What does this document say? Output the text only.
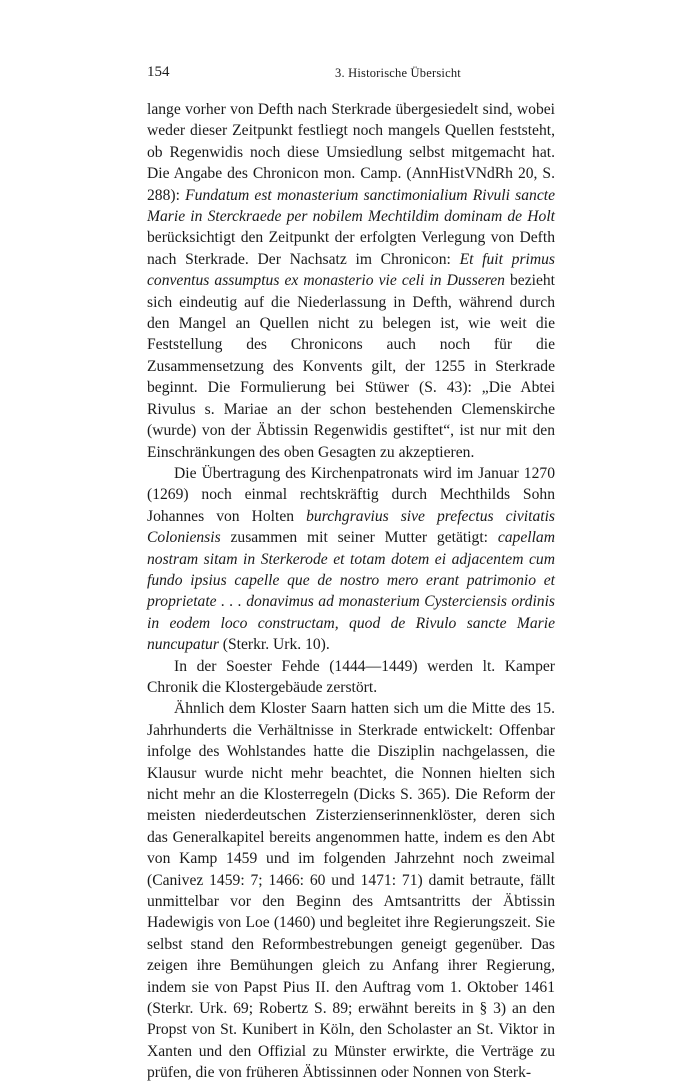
154	3. Historische Übersicht

lange vorher von Defth nach Sterkrade übergesiedelt sind, wobei weder dieser Zeitpunkt festliegt noch mangels Quellen feststeht, ob Regenwidis noch diese Umsiedlung selbst mitgemacht hat. Die Angabe des Chronicon mon. Camp. (AnnHistVNdRh 20, S. 288): Fundatum est monasterium sanctimonialium Rivuli sancte Marie in Sterckraede per nobilem Mechtildim dominam de Holt berücksichtigt den Zeitpunkt der erfolgten Verlegung von Defth nach Sterkrade. Der Nachsatz im Chronicon: Et fuit primus conventus assumptus ex monasterio vie celi in Dusseren bezieht sich eindeutig auf die Niederlassung in Defth, während durch den Mangel an Quellen nicht zu belegen ist, wie weit die Feststellung des Chronicons auch noch für die Zusammensetzung des Konvents gilt, der 1255 in Sterkrade beginnt. Die Formulierung bei Stüwer (S. 43): „Die Abtei Rivulus s. Mariae an der schon bestehenden Clemenskirche (wurde) von der Äbtissin Regenwidis gestiftet“, ist nur mit den Einschränkungen des oben Gesagten zu akzeptieren.

Die Übertragung des Kirchenpatronats wird im Januar 1270 (1269) noch einmal rechtskräftig durch Mechthilds Sohn Johannes von Holten burchgravius sive prefectus civitatis Coloniensis zusammen mit seiner Mutter getätigt: capellam nostram sitam in Sterkerode et totam dotem ei adjacentem cum fundo ipsius capelle que de nostro mero erant patrimonio et proprietate . . . donavimus ad monasterium Cysterciensis ordinis in eodem loco constructam, quod de Rivulo sancte Marie nuncupatur (Sterkr. Urk. 10).

In der Soester Fehde (1444—1449) werden lt. Kamper Chronik die Klostergebäude zerstört.

Ähnlich dem Kloster Saarn hatten sich um die Mitte des 15. Jahrhunderts die Verhältnisse in Sterkrade entwickelt: Offenbar infolge des Wohlstandes hatte die Disziplin nachgelassen, die Klausur wurde nicht mehr beachtet, die Nonnen hielten sich nicht mehr an die Klosterregeln (Dicks S. 365). Die Reform der meisten niederdeutschen Zisterzienserinnenklöster, deren sich das Generalkapitel bereits angenommen hatte, indem es den Abt von Kamp 1459 und im folgenden Jahrzehnt noch zweimal (Canivez 1459: 7; 1466: 60 und 1471: 71) damit betraute, fällt unmittelbar vor den Beginn des Amtsantritts der Äbtissin Hadewigis von Loe (1460) und begleitet ihre Regierungszeit. Sie selbst stand den Reformbestrebungen geneigt gegenüber. Das zeigen ihre Bemühungen gleich zu Anfang ihrer Regierung, indem sie von Papst Pius II. den Auftrag vom 1. Oktober 1461 (Sterkr. Urk. 69; Robertz S. 89; erwähnt bereits in § 3) an den Propst von St. Kunibert in Köln, den Scholaster an St. Viktor in Xanten und den Offizial zu Münster erwirkte, die Verträge zu prüfen, die von früheren Äbtissinnen oder Nonnen von Sterk-
